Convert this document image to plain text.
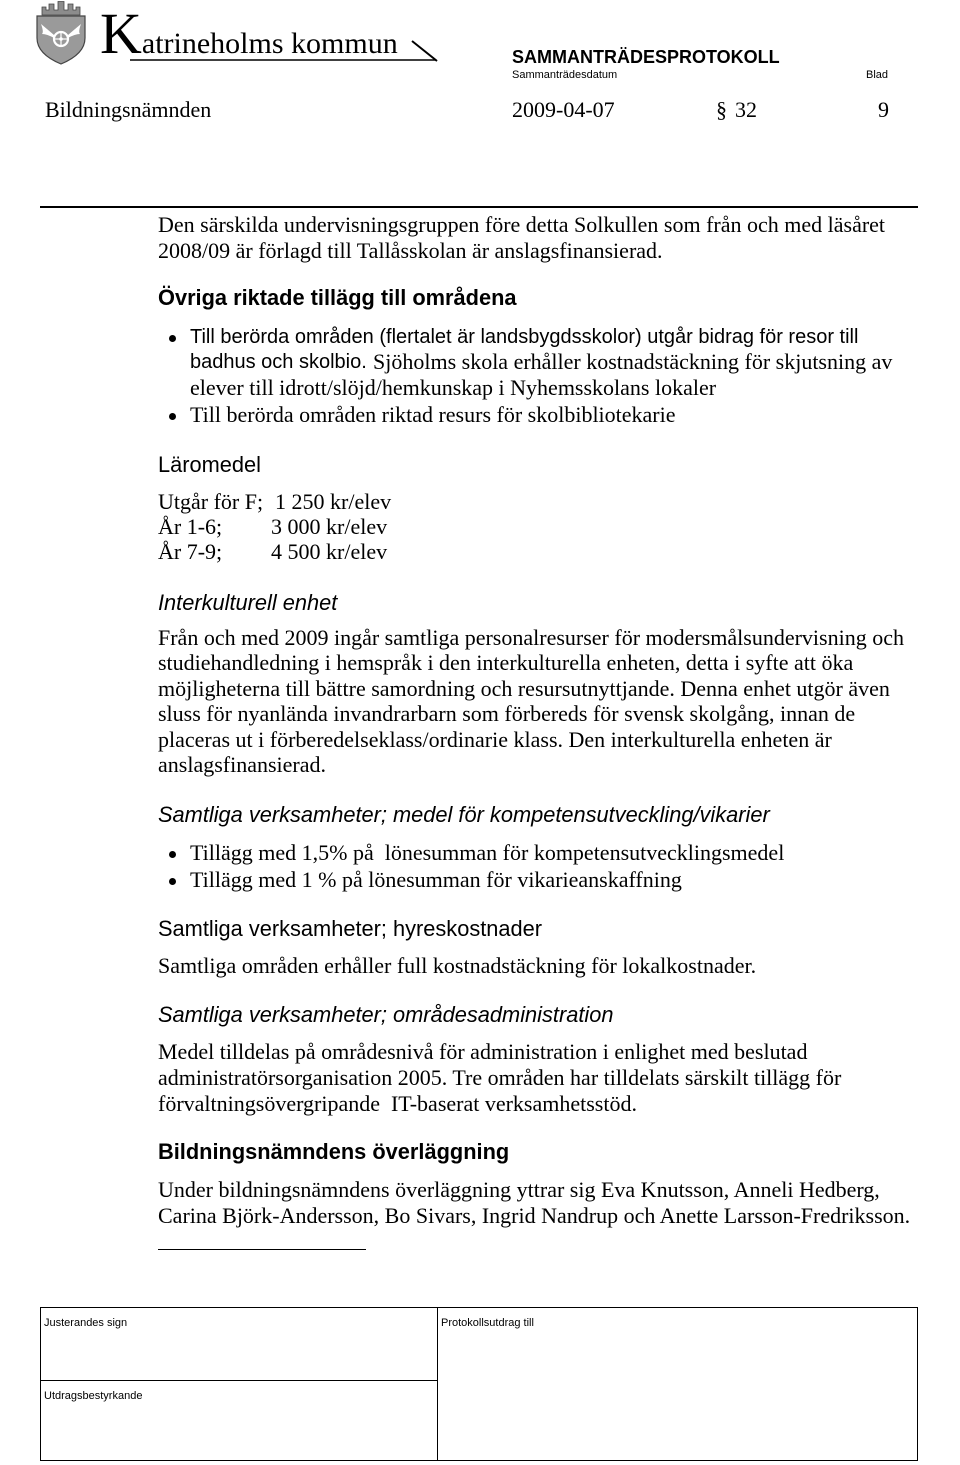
Katrineholms kommun	SAMMANTRÄDESPROTOKOLL
Sammanträdesdatum	Blad
Bildningsnämnden	2009-04-07	§ 32	9
Den särskilda undervisningsgruppen före detta Solkullen som från och med läsåret
2008/09 är förlagd till Tallåsskolan är anslagsfinansierad.
Övriga riktade tillägg till områdena
Till berörda områden (flertalet är landsbygdsskolor) utgår bidrag för resor till
badhus och skolbio. Sjöholms skola erhåller kostnadstäckning för skjutsning av
elever till idrott/slöjd/hemkunskap i Nyhemsskolans lokaler
Till berörda områden riktad resurs för skolbibliotekarie
Läromedel
Utgår för F; 1 250 kr/elev
År 1-6; 3 000 kr/elev
År 7-9; 4 500 kr/elev
Interkulturell enhet
Från och med 2009 ingår samtliga personalresurser för modersmålsundervisning och
studiehandledning i hemspråk i den interkulturella enheten, detta i syfte att öka
möjligheterna till bättre samordning och resursutnyttjande. Denna enhet utgör även
sluss för nyanlända invandrarbarn som förbereds för svensk skolgång, innan de
placeras ut i förberedelseklass/ordinarie klass. Den interkulturella enheten är
anslagsfinansierad.
Samtliga verksamheter; medel för kompetensutveckling/vikarier
Tillägg med 1,5% på  lönesumman för kompetensutvecklingsmedel
Tillägg med 1 % på lönesumman för vikarieanskaffning
Samtliga verksamheter; hyreskostnader
Samtliga områden erhåller full kostnadstäckning för lokalkostnader.
Samtliga verksamheter; områdesadministration
Medel tilldelas på områdesnivå för administration i enlighet med beslutad
administratörsorganisation 2005. Tre områden har tilldelats särskilt tillägg för
förvaltningsövergripande  IT-baserat verksamhetsstöd.
Bildningsnämndens överläggning
Under bildningsnämndens överläggning yttrar sig Eva Knutsson, Anneli Hedberg,
Carina Björk-Andersson, Bo Sivars, Ingrid Nandrup och Anette Larsson-Fredriksson.
Justerandes sign	Protokollsutdrag till
Utdragsbestyrkande
